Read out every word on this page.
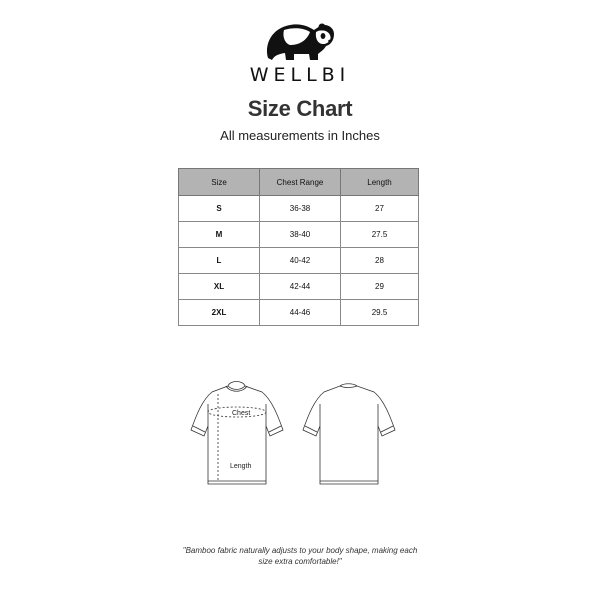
WELLBI
Size Chart
All measurements in Inches
Size	Chest Range	Length
S	36-38	27
M	38-40	27.5
L	40-42	28
XL	42-44	29
2XL	44-46	29.5
Chest
Length
"Bamboo fabric naturally adjusts to your body shape, making each
size extra comfortable!"
